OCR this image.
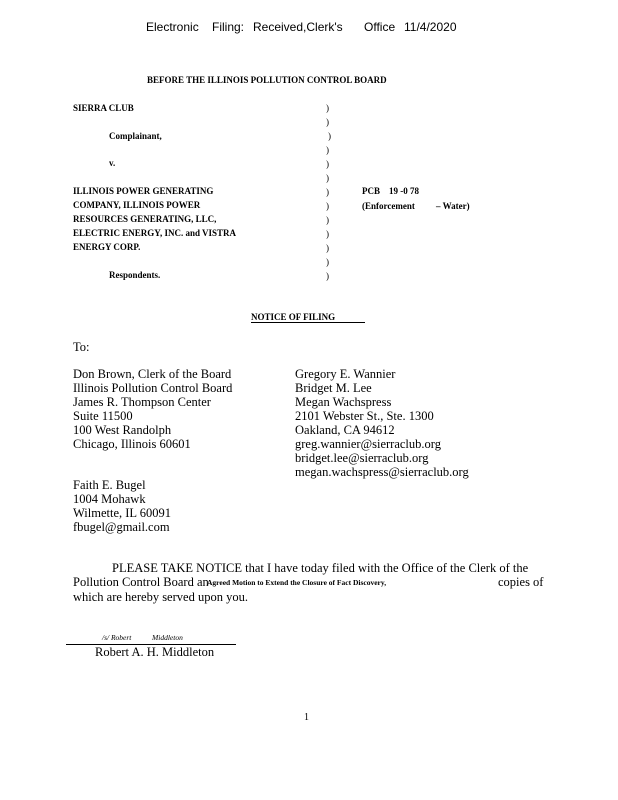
Electronic Filing: Received,Clerk's Office 11/4/2020
BEFORE THE ILLINOIS POLLUTION CONTROL BOARD
SIERRA CLUB
Complainant,
v.
ILLINOIS POWER GENERATING
COMPANY, ILLINOIS POWER
RESOURCES GENERATING, LLC,
ELECTRIC ENERGY, INC. and VISTRA
ENERGY CORP.
Respondents.
)
)
)
)
)
)
)
)
)
)
)
)
)
PCB 19 -0 78
(Enforcement – Water)
NOTICE OF FILING
To:
Don Brown, Clerk of the Board
Illinois Pollution Control Board
James R. Thompson Center
Suite 11500
100 West Randolph
Chicago, Illinois 60601
Gregory E. Wannier
Bridget M. Lee
Megan Wachspress
2101 Webster St., Ste. 1300
Oakland, CA 94612
greg.wannier@sierraclub.org
bridget.lee@sierraclub.org
megan.wachspress@sierraclub.org
Faith E. Bugel
1004 Mohawk
Wilmette, IL 60091
fbugel@gmail.com
PLEASE TAKE NOTICE that I have today filed with the Office of the Clerk of the
Pollution Control Board an
Agreed Motion to Extend the Closure of Fact Discovery,	copies of
which are hereby served upon you.
/s/ Robert	Middleton
Robert A. H. Middleton
1
